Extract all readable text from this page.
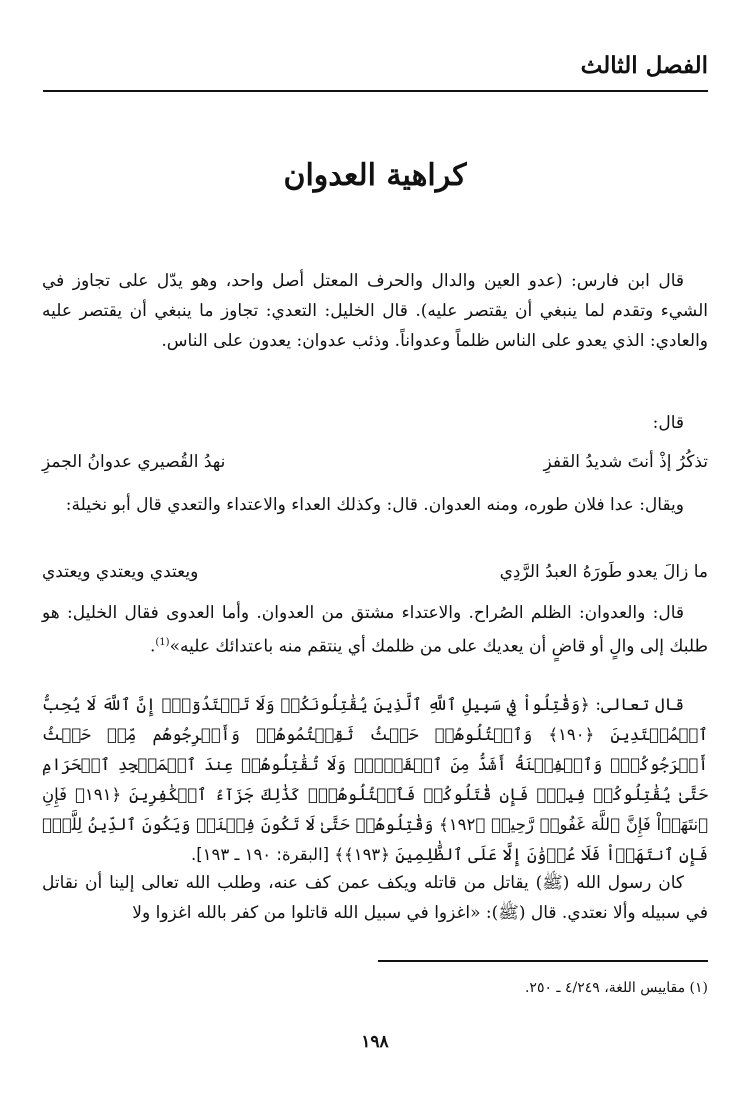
الفصل الثالث
كراهية العدوان
قال ابن فارس: (عدو العين والدال والحرف المعتل أصل واحد، وهو يدّل على تجاوز في الشيء وتقدم لما ينبغي أن يقتصر عليه). قال الخليل: التعدي: تجاوز ما ينبغي أن يقتصر عليه والعادي: الذي يعدو على الناس ظلماً وعدواناً. وذئب عدوان: يعدون على الناس.
قال:
تذكُرُ إذْ أنتَ شديدُ القفزِ
نهدُ القُصيري عدوانُ الجمزِ
ويقال: عدا فلان طوره، ومنه العدوان. قال: وكذلك العداء والاعتداء والتعدي قال أبو نخيلة:
ما زالَ يعدو طَورَهُ العبدُ الرَّدِي
ويعتدي ويعتدي ويعتدي
قال: والعدوان: الظلم الصُراح. والاعتداء مشتق من العدوان. وأما العدوى فقال الخليل: هو طلبك إلى والٍ أو قاضٍ أن يعديك على من ظلمك أي ينتقم منه باعتدائك عليه»$^{(1)}$.
قال تعالى: ﴿وَقَٰتِلُواْ فِي سَبِيلِ ٱللَّهِ ٱلَّذِينَ يُقَٰتِلُونَكُمۡ وَلَا تَعۡتَدُوٓاْۚ إِنَّ ٱللَّهَ لَا يُحِبُّ ٱلۡمُعۡتَدِينَ ﴿١٩٠﴾ وَٱقۡتُلُوهُمۡ حَيۡثُ ثَقِفۡتُمُوهُمۡ وَأَخۡرِجُوهُم مِّنۡ حَيۡثُ أَخۡرَجُوكُمۡۚ وَٱلۡفِتۡنَةُ أَشَدُّ مِنَ ٱلۡقَتۡلِۚ وَلَا تُقَٰتِلُوهُمۡ عِندَ ٱلۡمَسۡجِدِ ٱلۡحَرَامِ حَتَّىٰ يُقَٰتِلُوكُمۡ فِيهِۖ فَإِن قَٰتَلُوكُمۡ فَٱقۡتُلُوهُمۡۗ كَذَٰلِكَ جَزَآءُ ٱلۡكَٰفِرِينَ ﴿١٩١﴾ فَإِنِ ٱنتَهَوۡاْ فَإِنَّ ٱللَّهَ غَفُورٞ رَّحِيمٞ ﴿١٩٢﴾ وَقَٰتِلُوهُمۡ حَتَّىٰ لَا تَكُونَ فِتۡنَةٞ وَيَكُونَ ٱلدِّينُ لِلَّهِۖ فَإِنِ ٱنتَهَوۡاْ فَلَا عُدۡوَٰنَ إِلَّا عَلَى ٱلظَّٰلِمِينَ ﴿١٩٣﴾﴾ [البقرة: ١٩٠ ـ ١٩٣].
كان رسول الله (ﷺ) يقاتل من قاتله ويكف عمن كف عنه، وطلب الله تعالى إلينا أن نقاتل في سبيله وألا نعتدي. قال (ﷺ): «اغزوا في سبيل الله قاتلوا من كفر بالله اغزوا ولا
(١) مقاييس اللغة، ٤/٢٤٩ ـ ٢٥٠.
١٩٨
